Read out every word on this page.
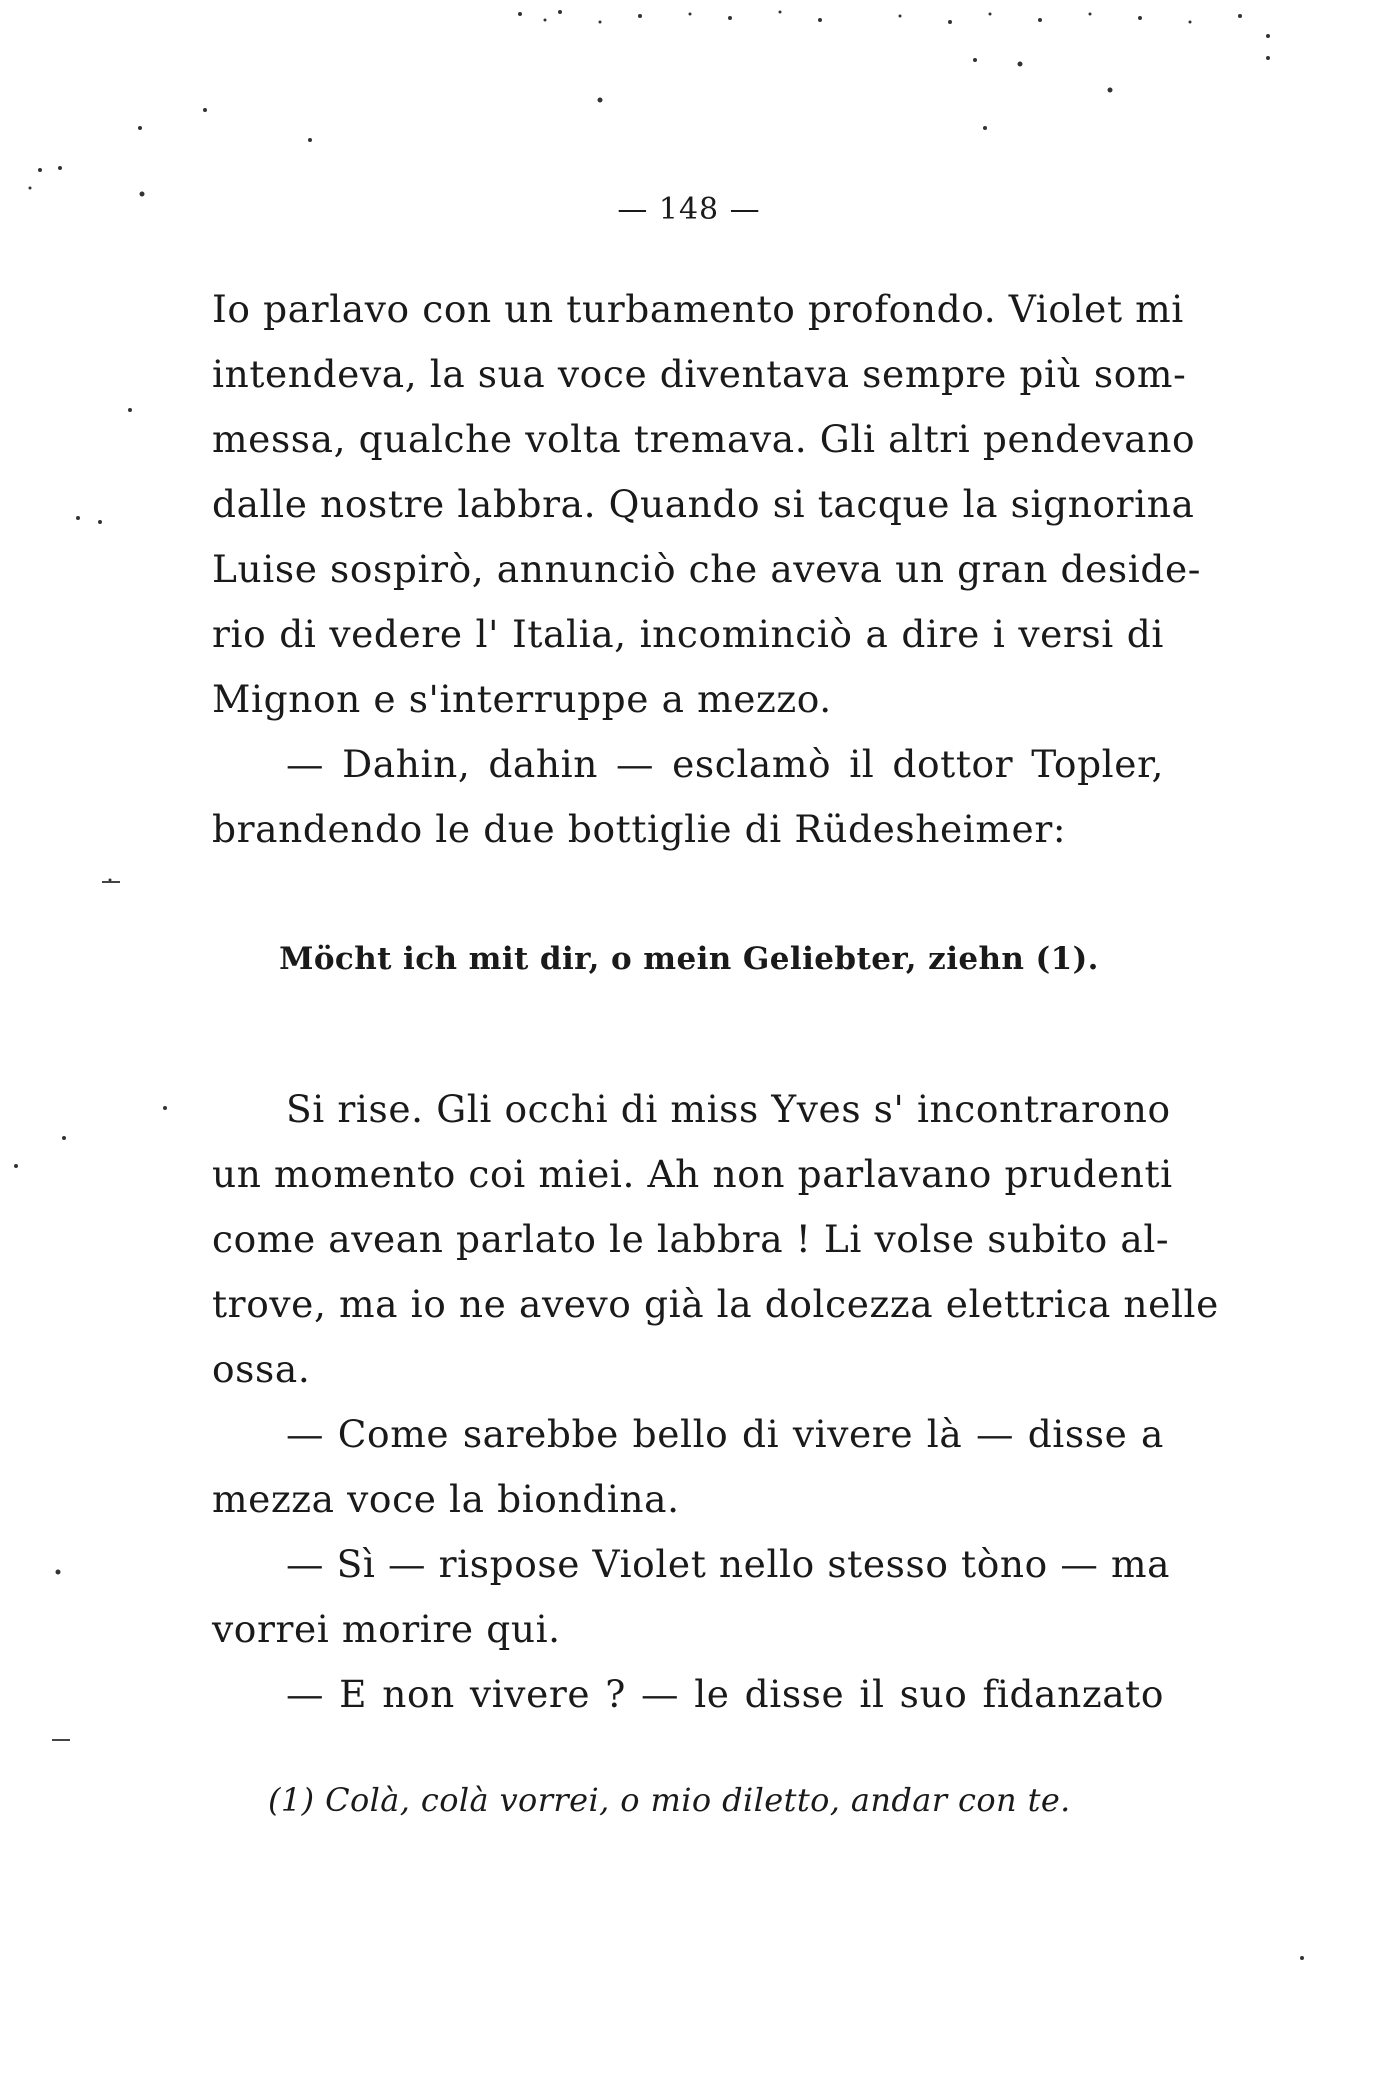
— 148 —
Io parlavo con un turbamento profondo. Violet mi
intendeva, la sua voce diventava sempre più som-
messa, qualche volta tremava. Gli altri pendevano
dalle nostre labbra. Quando si tacque la signorina
Luise sospirò, annunciò che aveva un gran deside-
rio di vedere l' Italia, incominciò a dire i versi di
Mignon e s'interruppe a mezzo.
— Dahin, dahin — esclamò il dottor Topler,
brandendo le due bottiglie di Rüdesheimer:
Möcht ich mit dir, o mein Geliebter, ziehn (1).
Si rise. Gli occhi di miss Yves s' incontrarono
un momento coi miei. Ah non parlavano prudenti
come avean parlato le labbra ! Li volse subito al-
trove, ma io ne avevo già la dolcezza elettrica nelle
ossa.
— Come sarebbe bello di vivere là — disse a
mezza voce la biondina.
— Sì — rispose Violet nello stesso tòno — ma
vorrei morire qui.
— E non vivere ? — le disse il suo fidanzato
(1) Colà, colà vorrei, o mio diletto, andar con te.
